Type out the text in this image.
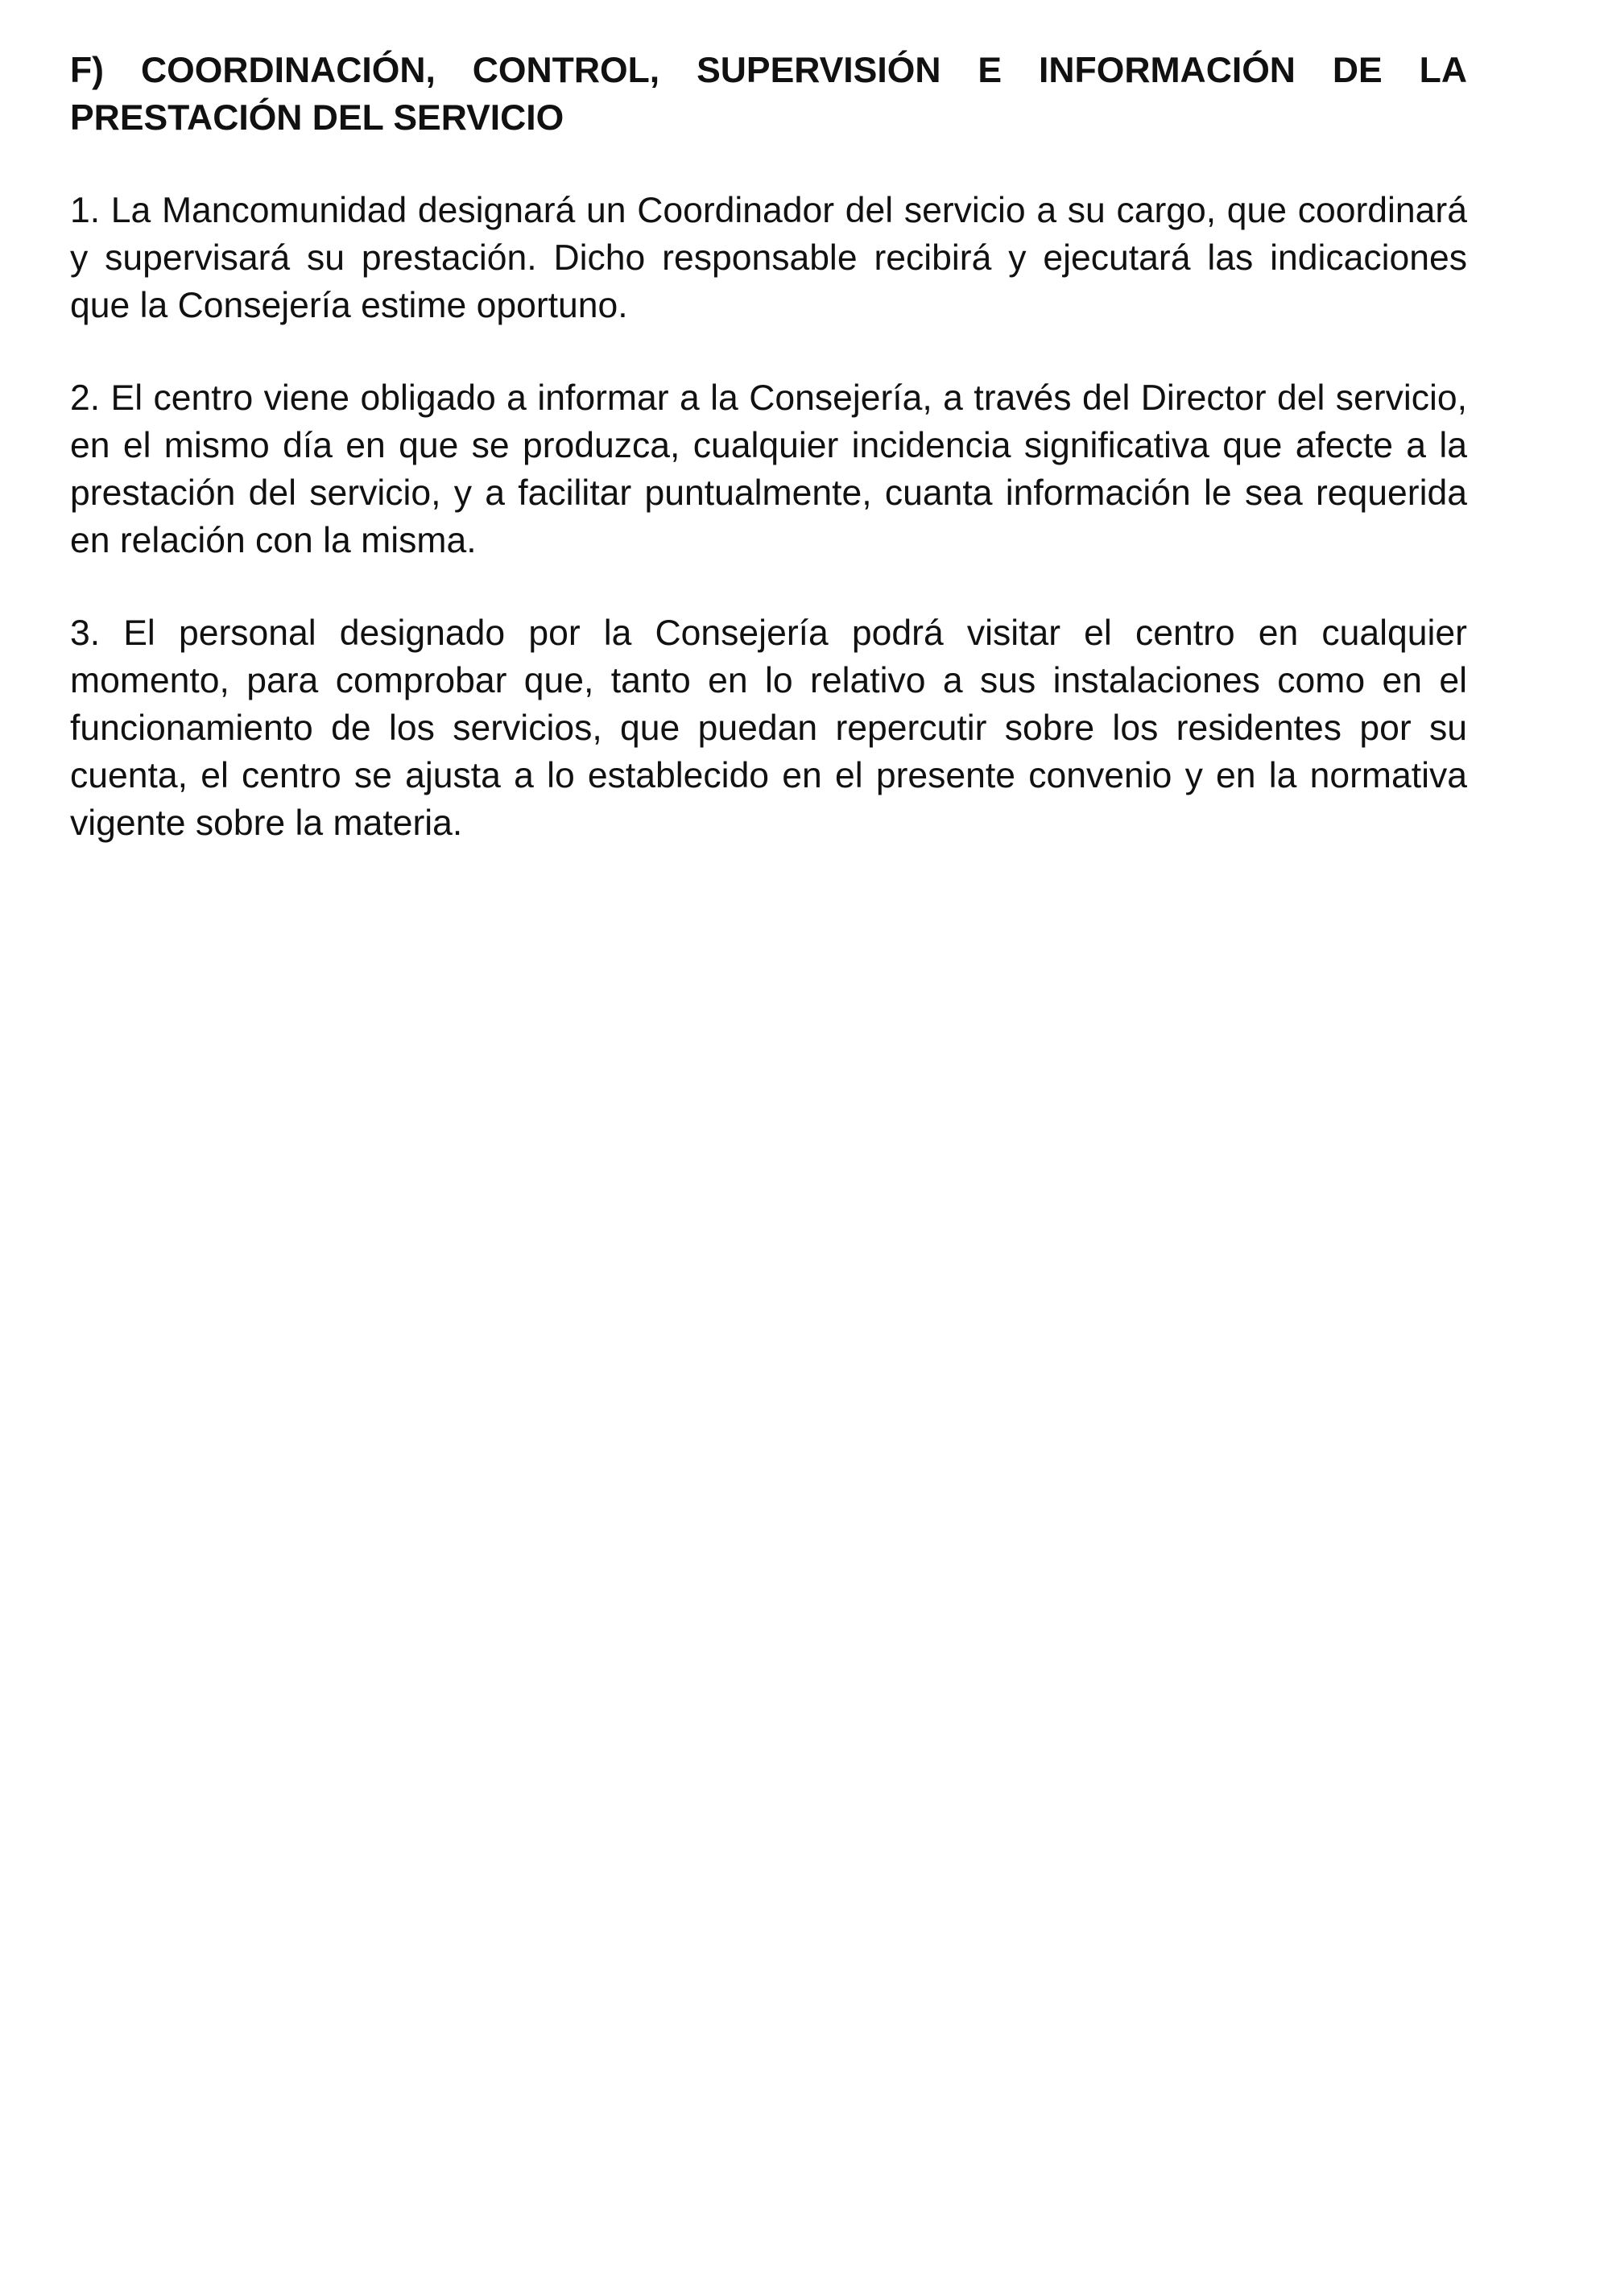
F) COORDINACIÓN, CONTROL, SUPERVISIÓN E INFORMACIÓN DE LA PRESTACIÓN DEL SERVICIO

1. La Mancomunidad designará un Coordinador del servicio a su cargo, que coordinará y supervisará su prestación. Dicho responsable recibirá y ejecutará las indicaciones que la Consejería estime oportuno.

2. El centro viene obligado a informar a la Consejería, a través del Director del servicio, en el mismo día en que se produzca, cualquier incidencia significativa que afecte a la prestación del servicio, y a facilitar puntualmente, cuanta información le sea requerida en relación con la misma.

3. El personal designado por la Consejería podrá visitar el centro en cualquier momento, para comprobar que, tanto en lo relativo a sus instalaciones como en el funcionamiento de los servicios, que puedan repercutir sobre los residentes por su cuenta, el centro se ajusta a lo establecido en el presente convenio y en la normativa vigente sobre la materia.
